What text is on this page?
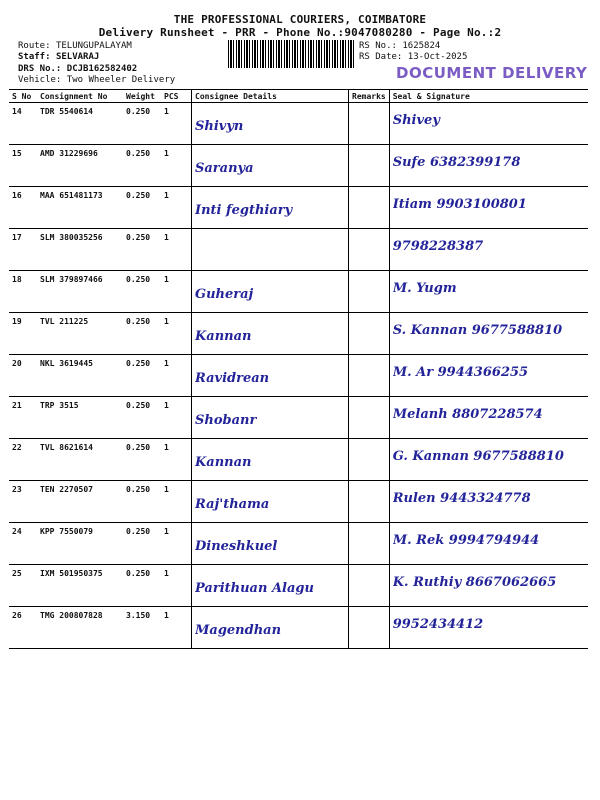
THE PROFESSIONAL COURIERS, COIMBATORE
Delivery Runsheet - PRR - Phone No.:9047080280 - Page No.:2
Route: TELUNGUPALAYAM
Staff: SELVARAJ
DRS No.: DCJB162582402
Vehicle: Two Wheeler Delivery
RS No.: 1625824
RS Date: 13-Oct-2025
DOCUMENT DELIVERY
S No	Consignment No	Weight	PCS	Consignee Details	Remarks	Seal & Signature
14	TDR 5540614	0.250	1	Shivyn		Shivey

15	AMD 31229696	0.250	1	Saranya		Sufe 6382399178

16	MAA 651481173	0.250	1	Inti fegthiary		Itiam 9903100801

17	SLM 380035256	0.250	1			9798228387

18	SLM 379897466	0.250	1	Guheraj		M. Yugm

19	TVL 211225	0.250	1	Kannan		S. Kannan 9677588810

20	NKL 3619445	0.250	1	Ravidrean		M. Ar 9944366255

21	TRP 3515	0.250	1	Shobanr		Melanh 8807228574

22	TVL 8621614	0.250	1	Kannan		G. Kannan 9677588810

23	TEN 2270507	0.250	1	Raj'thama		Rulen 9443324778

24	KPP 7550079	0.250	1	Dineshkuel		M. Rek 9994794944

25	IXM 501950375	0.250	1	Parithuan Alagu		K. Ruthiy 8667062665

26	TMG 200807828	3.150	1	Magendhan		9952434412
